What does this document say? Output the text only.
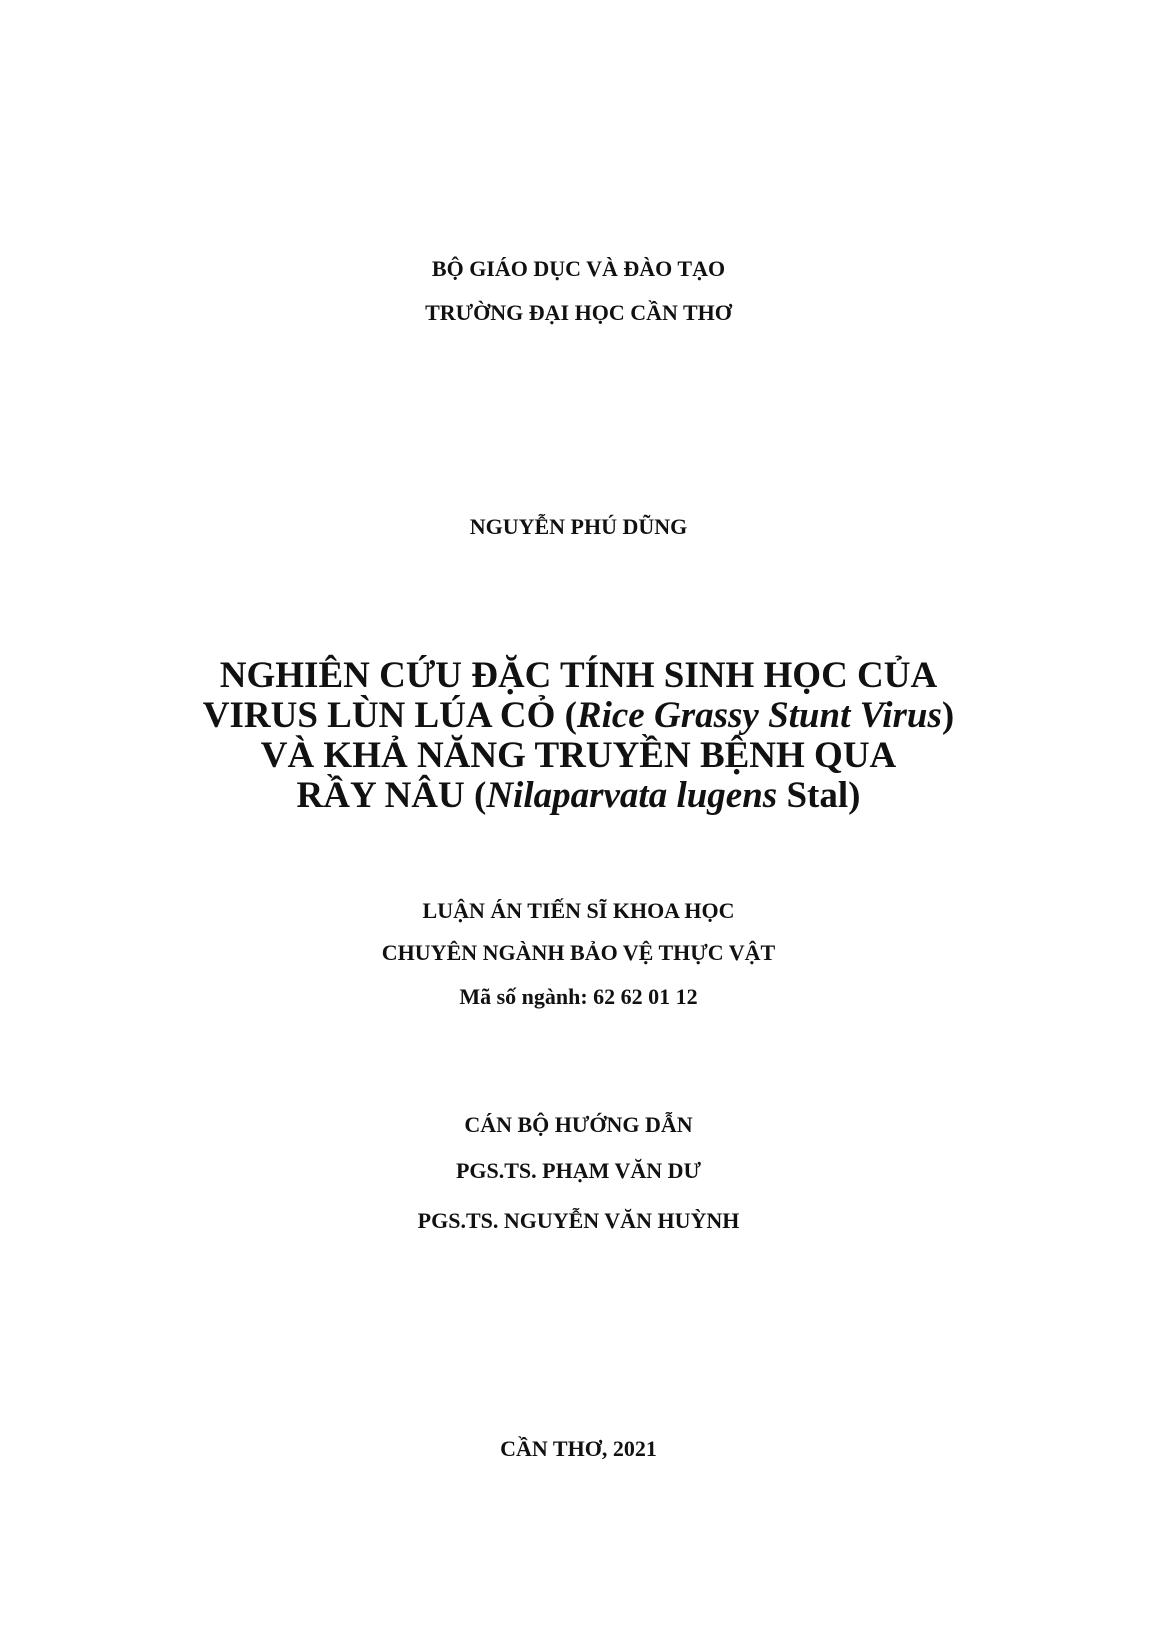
BỘ GIÁO DỤC VÀ ĐÀO TẠO
TRƯỜNG ĐẠI HỌC CẦN THƠ
NGUYỄN PHÚ DŨNG
NGHIÊN CỨU ĐẶC TÍNH SINH HỌC CỦA
VIRUS LÙN LÚA CỎ (Rice Grassy Stunt Virus)
VÀ KHẢ NĂNG TRUYỀN BỆNH QUA
RẦY NÂU (Nilaparvata lugens Stal)
LUẬN ÁN TIẾN SĨ KHOA HỌC
CHUYÊN NGÀNH BẢO VỆ THỰC VẬT
Mã số ngành: 62 62 01 12
CÁN BỘ HƯỚNG DẪN
PGS.TS. PHẠM VĂN DƯ
PGS.TS. NGUYỄN VĂN HUỲNH
CẦN THƠ, 2021
